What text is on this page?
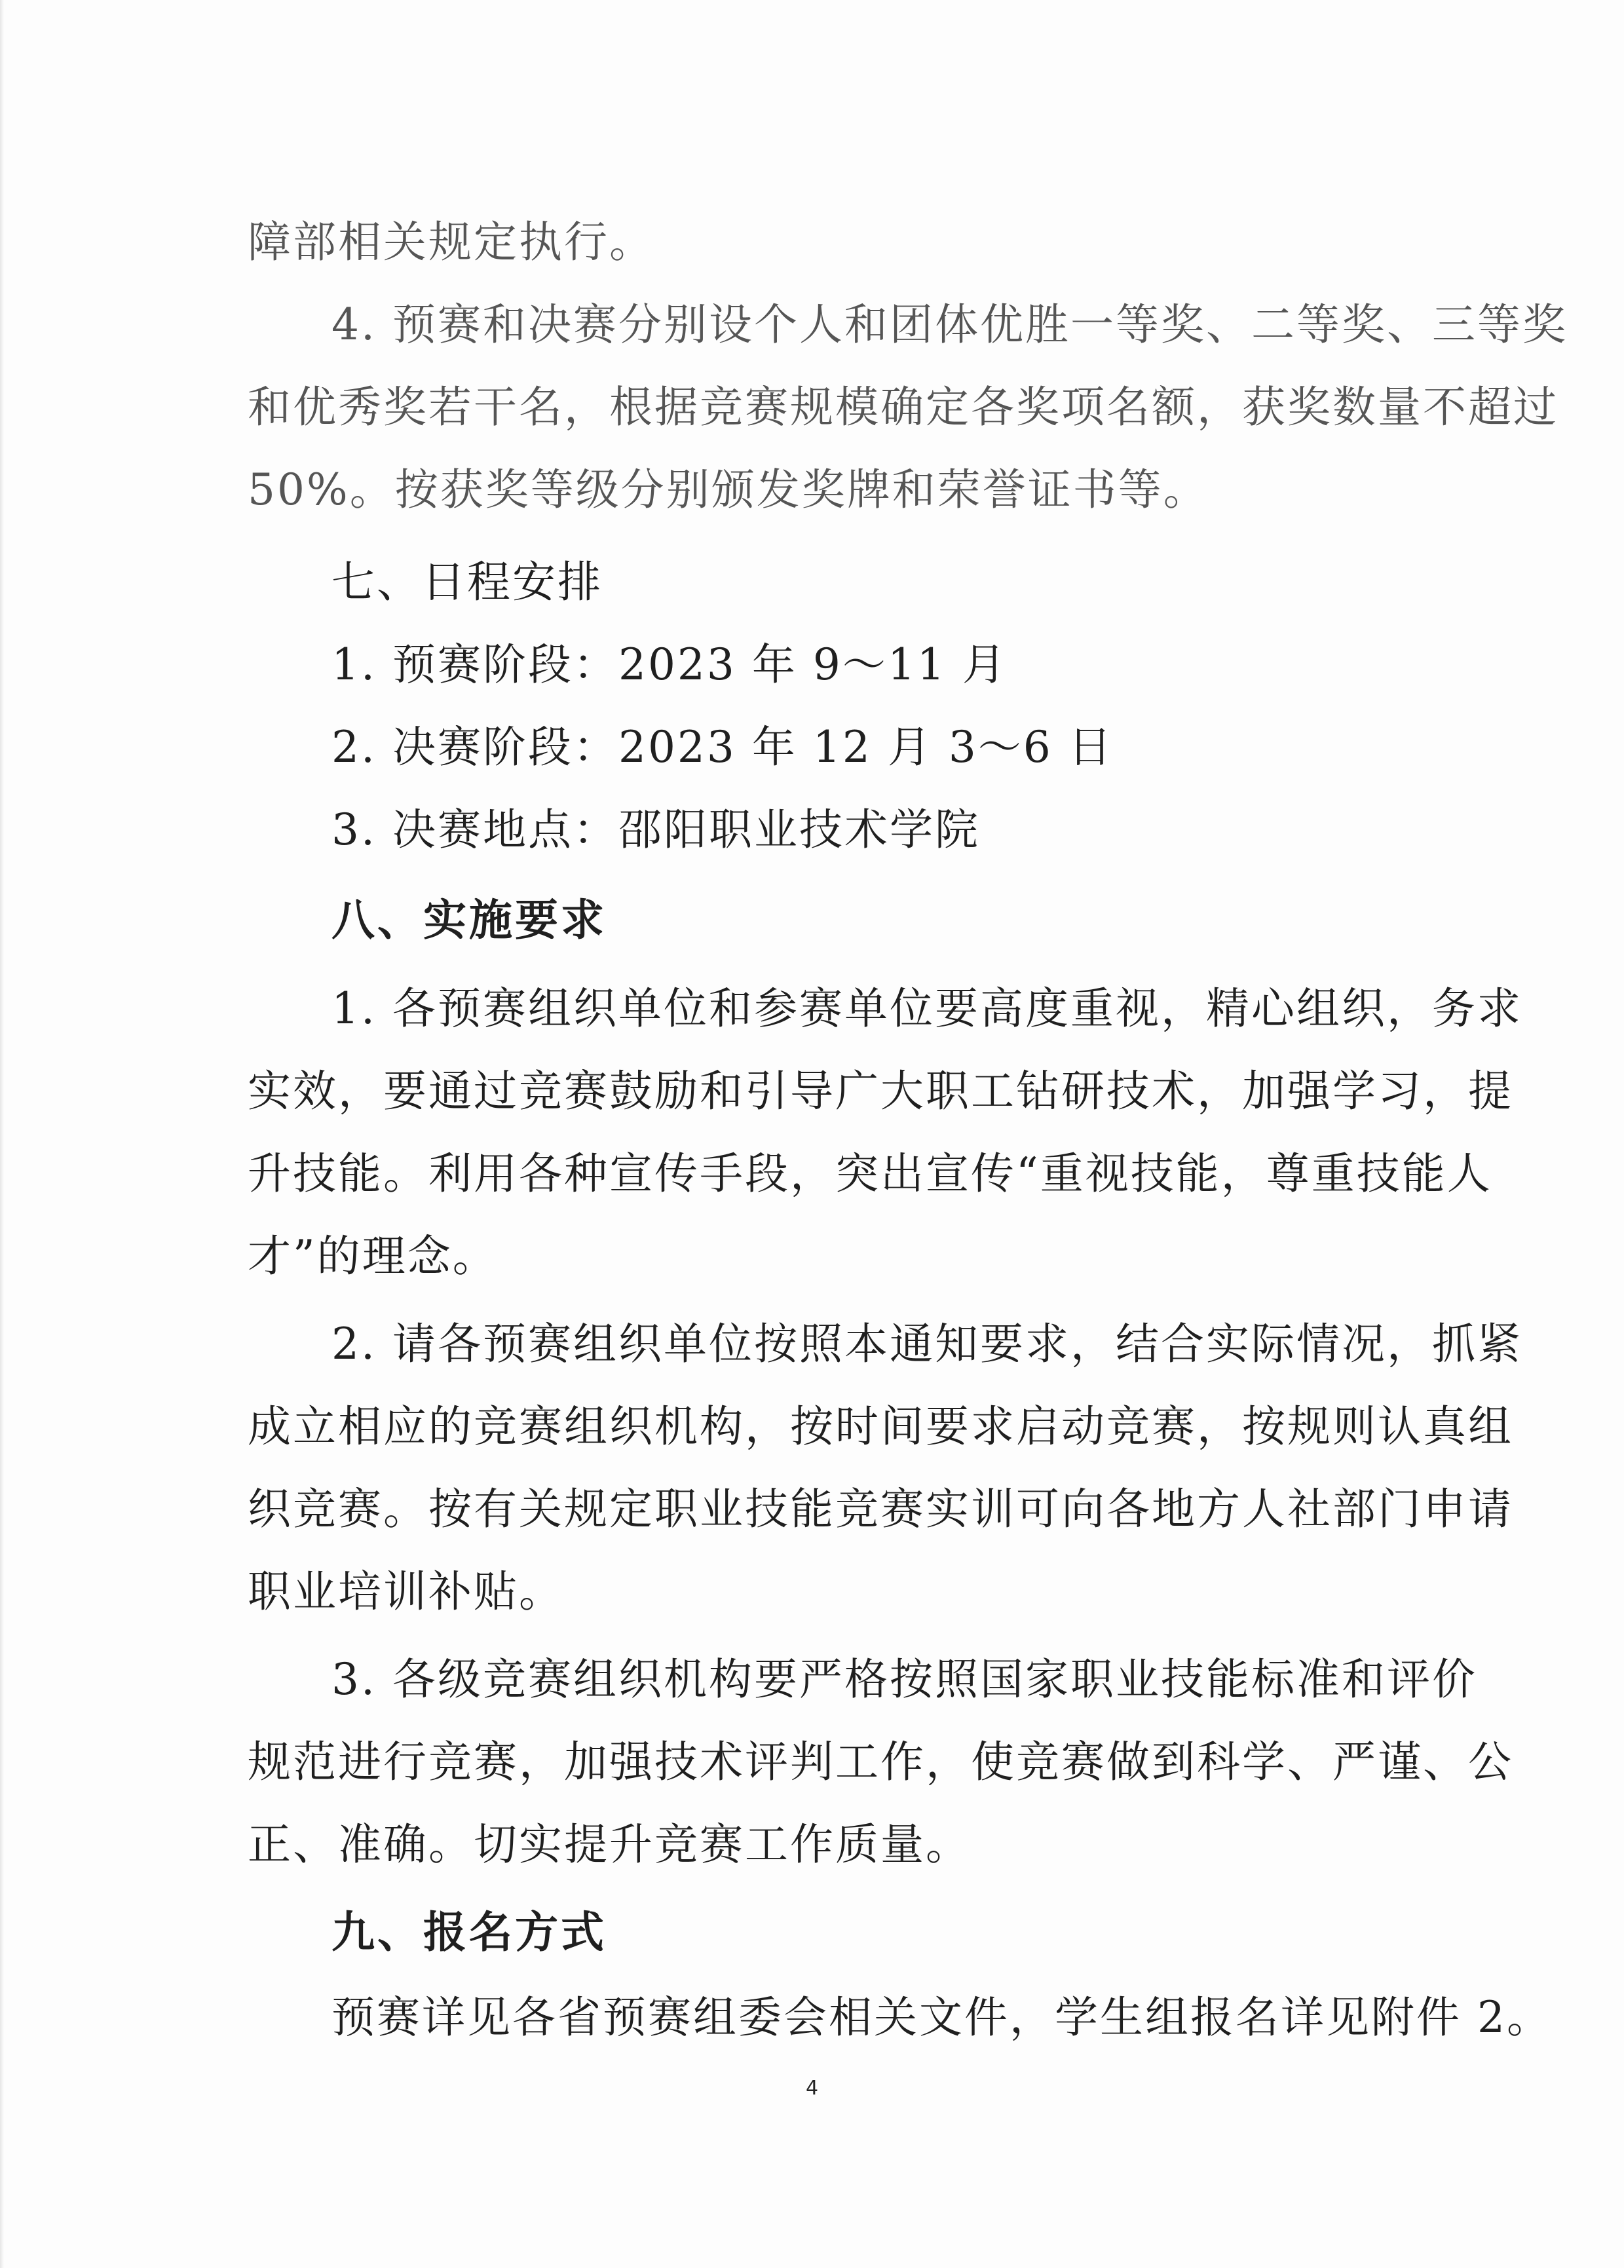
障部相关规定执行。
4. 预赛和决赛分别设个人和团体优胜一等奖、二等奖、三等奖
和优秀奖若干名，根据竞赛规模确定各奖项名额，获奖数量不超过
50%。按获奖等级分别颁发奖牌和荣誉证书等。
七、日程安排
1. 预赛阶段：2023 年 9～11 月
2. 决赛阶段：2023 年 12 月 3～6 日
3. 决赛地点：邵阳职业技术学院
八、实施要求
1. 各预赛组织单位和参赛单位要高度重视，精心组织，务求
实效，要通过竞赛鼓励和引导广大职工钻研技术，加强学习，提
升技能。利用各种宣传手段，突出宣传“重视技能，尊重技能人
才”的理念。
2. 请各预赛组织单位按照本通知要求，结合实际情况，抓紧
成立相应的竞赛组织机构，按时间要求启动竞赛，按规则认真组
织竞赛。按有关规定职业技能竞赛实训可向各地方人社部门申请
职业培训补贴。
3. 各级竞赛组织机构要严格按照国家职业技能标准和评价
规范进行竞赛，加强技术评判工作，使竞赛做到科学、严谨、公
正、准确。切实提升竞赛工作质量。
九、报名方式
预赛详见各省预赛组委会相关文件，学生组报名详见附件 2。
4
